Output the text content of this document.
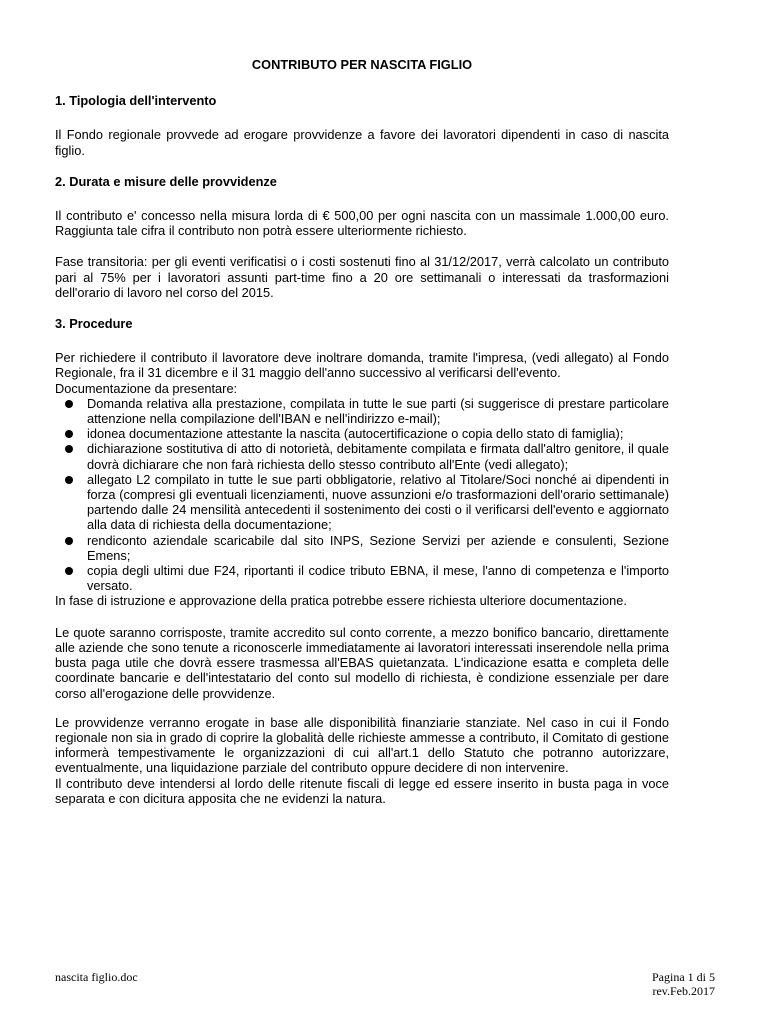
CONTRIBUTO PER NASCITA FIGLIO
1. Tipologia dell'intervento

Il Fondo regionale provvede ad erogare provvidenze a favore dei lavoratori dipendenti in caso di nascita figlio.

2. Durata e misure delle provvidenze

Il contributo e' concesso nella misura lorda di € 500,00 per ogni nascita con un massimale 1.000,00 euro. Raggiunta tale cifra il contributo non potrà essere ulteriormente richiesto.

Fase transitoria: per gli eventi verificatisi o i costi sostenuti fino al 31/12/2017, verrà calcolato un contributo pari al 75% per i lavoratori assunti part-time fino a 20 ore settimanali o interessati da trasformazioni dell'orario di lavoro nel corso del 2015.

3. Procedure

Per richiedere il contributo il lavoratore deve inoltrare domanda, tramite l'impresa, (vedi allegato) al Fondo Regionale, fra il 31 dicembre e il 31 maggio dell'anno successivo al verificarsi dell'evento.

Documentazione da presentare:

Domanda relativa alla prestazione, compilata in tutte le sue parti (si suggerisce di prestare particolare attenzione nella compilazione dell'IBAN e nell'indirizzo e-mail);
idonea documentazione attestante la nascita (autocertificazione o copia dello stato di famiglia);
dichiarazione sostitutiva di atto di notorietà, debitamente compilata e firmata dall'altro genitore, il quale dovrà dichiarare che non farà richiesta dello stesso contributo all'Ente (vedi allegato);
allegato L2 compilato in tutte le sue parti obbligatorie, relativo al Titolare/Soci nonché ai dipendenti in forza (compresi gli eventuali licenziamenti, nuove assunzioni e/o trasformazioni dell'orario settimanale) partendo dalle 24 mensilità antecedenti il sostenimento dei costi o il verificarsi dell'evento e aggiornato alla data di richiesta della documentazione;
rendiconto aziendale scaricabile dal sito INPS, Sezione Servizi per aziende e consulenti, Sezione Emens;
copia degli ultimi due F24, riportanti il codice tributo EBNA, il mese, l'anno di competenza e l'importo versato.

In fase di istruzione e approvazione della pratica potrebbe essere richiesta ulteriore documentazione.

Le quote saranno corrisposte, tramite accredito sul conto corrente, a mezzo bonifico bancario, direttamente alle aziende che sono tenute a riconoscerle immediatamente ai lavoratori interessati inserendole nella prima busta paga utile che dovrà essere trasmessa all'EBAS quietanzata. L'indicazione esatta e completa delle coordinate bancarie e dell'intestatario del conto sul modello di richiesta, è condizione essenziale per dare corso all'erogazione delle provvidenze.

Le provvidenze verranno erogate in base alle disponibilità finanziarie stanziate. Nel caso in cui il Fondo regionale non sia in grado di coprire la globalità delle richieste ammesse a contributo, il Comitato di gestione informerà tempestivamente le organizzazioni di cui all'art.1 dello Statuto che potranno autorizzare, eventualmente, una liquidazione parziale del contributo oppure decidere di non intervenire.

Il contributo deve intendersi al lordo delle ritenute fiscali di legge ed essere inserito in busta paga in voce separata e con dicitura apposita che ne evidenzi la natura.

nascita figlio.doc	Pagina 1 di 5
rev.Feb.2017
